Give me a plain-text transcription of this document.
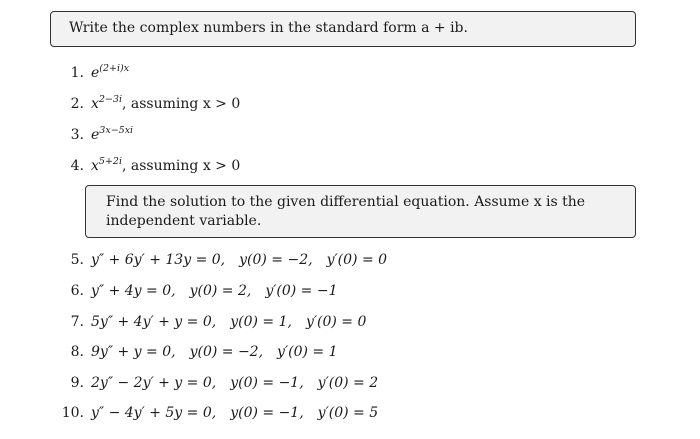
Write the complex numbers in the standard form a + ib.
1. $e^{(2+i)x}$
2. $x^{2-3i}$, assuming x > 0
3. $e^{3x-5xi}$
4. $x^{5+2i}$, assuming x > 0
Find the solution to the given differential equation. Assume x is the independent variable.
5. y″ + 6y′ + 13y = 0, y(0) = −2, y′(0) = 0
6. y″ + 4y = 0, y(0) = 2, y′(0) = −1
7. 5y″ + 4y′ + y = 0, y(0) = 1, y′(0) = 0
8. 9y″ + y = 0, y(0) = −2, y′(0) = 1
9. 2y″ − 2y′ + y = 0, y(0) = −1, y′(0) = 2
10. y″ − 4y′ + 5y = 0, y(0) = −1, y′(0) = 5
